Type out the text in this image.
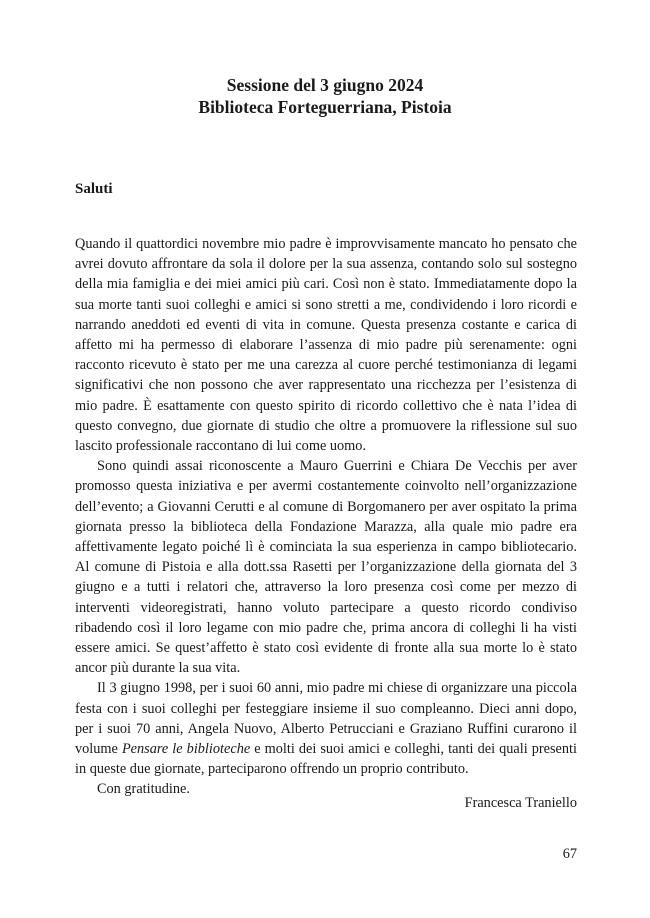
Sessione del 3 giugno 2024
Biblioteca Forteguerriana, Pistoia
Saluti

Quando il quattordici novembre mio padre è improvvisamente mancato ho pensato che avrei dovuto affrontare da sola il dolore per la sua assenza, contando solo sul sostegno della mia famiglia e dei miei amici più cari. Così non è stato. Immediatamente dopo la sua morte tanti suoi colleghi e amici si sono stretti a me, condividendo i loro ricordi e narrando aneddoti ed eventi di vita in comune. Questa presenza costante e carica di affetto mi ha permesso di elaborare l’assenza di mio padre più serenamente: ogni racconto ricevuto è stato per me una carezza al cuore perché testimonianza di legami significativi che non possono che aver rappresentato una ricchezza per l’esistenza di mio padre. È esattamente con questo spirito di ricordo collettivo che è nata l’idea di questo convegno, due giornate di studio che oltre a promuovere la riflessione sul suo lascito professionale raccontano di lui come uomo.

Sono quindi assai riconoscente a Mauro Guerrini e Chiara De Vecchis per aver promosso questa iniziativa e per avermi costantemente coinvolto nell’organizzazione dell’evento; a Giovanni Cerutti e al comune di Borgomanero per aver ospitato la prima giornata presso la biblioteca della Fondazione Marazza, alla quale mio padre era affettivamente legato poiché lì è cominciata la sua esperienza in campo bibliotecario. Al comune di Pistoia e alla dott.ssa Rasetti per l’organizzazione della giornata del 3 giugno e a tutti i relatori che, attraverso la loro presenza così come per mezzo di interventi videoregistrati, hanno voluto partecipare a questo ricordo condiviso ribadendo così il loro legame con mio padre che, prima ancora di colleghi li ha visti essere amici. Se quest’affetto è stato così evidente di fronte alla sua morte lo è stato ancor più durante la sua vita.

Il 3 giugno 1998, per i suoi 60 anni, mio padre mi chiese di organizzare una piccola festa con i suoi colleghi per festeggiare insieme il suo compleanno. Dieci anni dopo, per i suoi 70 anni, Angela Nuovo, Alberto Petrucciani e Graziano Ruffini curarono il volume Pensare le biblioteche e molti dei suoi amici e colleghi, tanti dei quali presenti in queste due giornate, parteciparono offrendo un proprio contributo.

Con gratitudine.

Francesca Traniello
67
